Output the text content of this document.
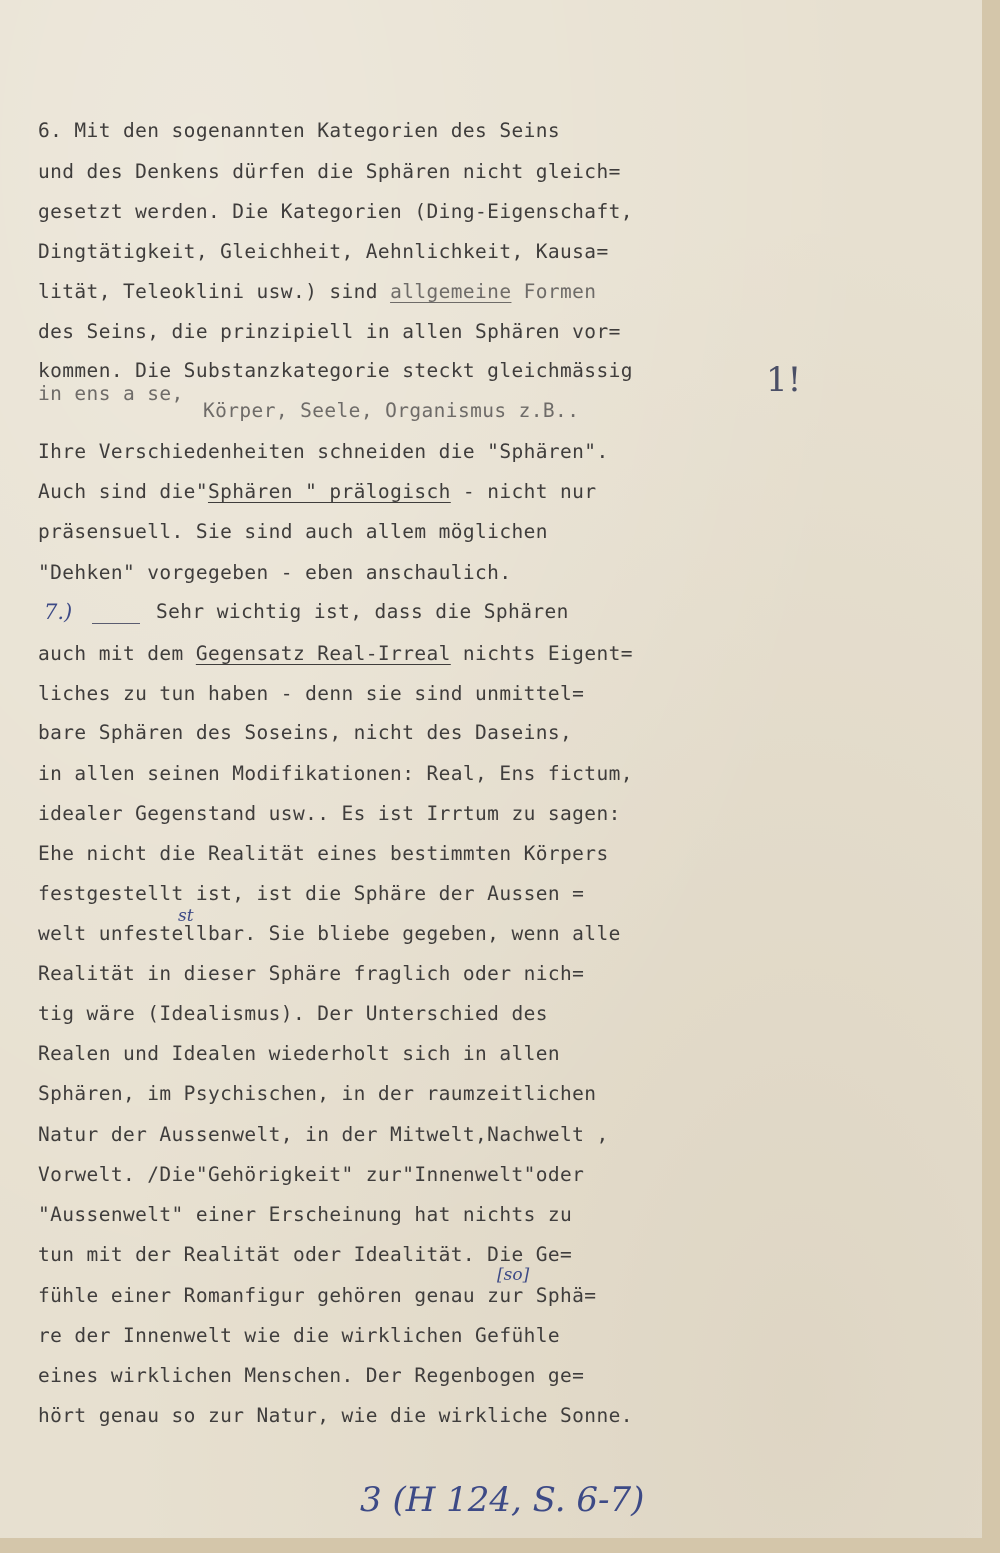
6. Mit den sogenannten Kategorien des Seins
und des Denkens dürfen die Sphären nicht gleich=
gesetzt werden. Die Kategorien (Ding-Eigenschaft,
Dingtätigkeit, Gleichheit, Aehnlichkeit, Kausa=
lität, Teleoklini usw.) sind allgemeine Formen
des Seins, die prinzipiell in allen Sphären vor=
kommen. Die Substanzkategorie steckt gleichmässig
in ens a se,
Körper, Seele, Organismus z.B..
Ihre Verschiedenheiten schneiden die "Sphären".
Auch sind die"Sphären " prälogisch - nicht nur
präsensuell. Sie sind auch allem möglichen
"Dehken" vorgegeben - eben anschaulich.
Sehr wichtig ist, dass die Sphären
auch mit dem Gegensatz Real-Irreal nichts Eigent=
liches zu tun haben - denn sie sind unmittel=
bare Sphären des Soseins, nicht des Daseins,
in allen seinen Modifikationen: Real, Ens fictum,
idealer Gegenstand usw.. Es ist Irrtum zu sagen:
Ehe nicht die Realität eines bestimmten Körpers
festgestellt ist, ist die Sphäre der Aussen =
welt unfestellbar. Sie bliebe gegeben, wenn alle
Realität in dieser Sphäre fraglich oder nich=
tig wäre (Idealismus). Der Unterschied des
Realen und Idealen wiederholt sich in allen
Sphären, im Psychischen, in der raumzeitlichen
Natur der Aussenwelt, in der Mitwelt,Nachwelt ,
Vorwelt. /Die"Gehörigkeit" zur"Innenwelt"oder
"Aussenwelt" einer Erscheinung hat nichts zu
tun mit der Realität oder Idealität. Die Ge=
fühle einer Romanfigur gehören genau zur Sphä=
re der Innenwelt wie die wirklichen Gefühle
eines wirklichen Menschen. Der Regenbogen ge=
hört genau so zur Natur, wie die wirkliche Sonne.
7.)
1!
st
[so]
3 (H 124, S. 6-7)
